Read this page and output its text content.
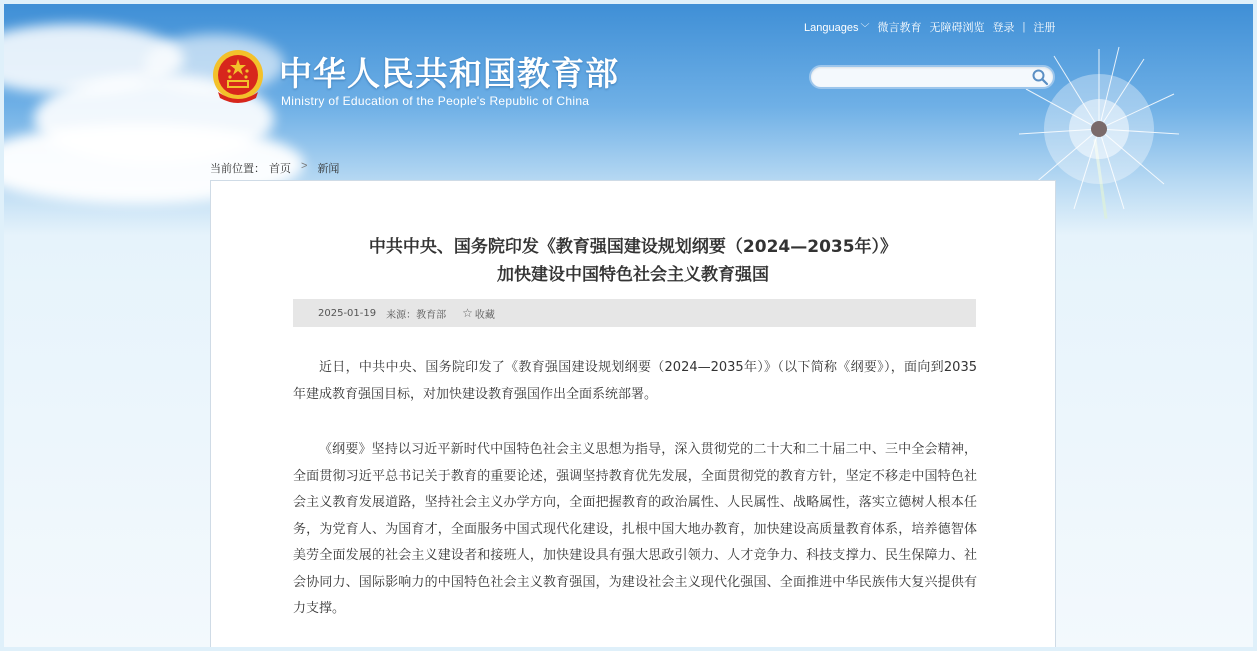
中华人民共和国教育部
Ministry of Education of the People's Republic of China
Languages ﹀ 微言教育 无障碍浏览 登录 | 注册
当前位置： 首页 > 新闻
中共中央、国务院印发《教育强国建设规划纲要（2024—2035年）》
加快建设中国特色社会主义教育强国
2025-01-19 来源：教育部 ☆ 收藏

近日，中共中央、国务院印发了《教育强国建设规划纲要（2024—2035年）》（以下简称《纲要》），面向到2035年建成教育强国目标，对加快建设教育强国作出全面系统部署。

《纲要》坚持以习近平新时代中国特色社会主义思想为指导，深入贯彻党的二十大和二十届二中、三中全会精神，全面贯彻习近平总书记关于教育的重要论述，强调坚持教育优先发展，全面贯彻党的教育方针，坚定不移走中国特色社会主义教育发展道路，坚持社会主义办学方向，全面把握教育的政治属性、人民属性、战略属性，落实立德树人根本任务，为党育人、为国育才，全面服务中国式现代化建设，扎根中国大地办教育，加快建设高质量教育体系，培养德智体美劳全面发展的社会主义建设者和接班人，加快建设具有强大思政引领力、人才竞争力、科技支撑力、民生保障力、社会协同力、国际影响力的中国特色社会主义教育强国，为建设社会主义现代化强国、全面推进中华民族伟大复兴提供有力支撑。
